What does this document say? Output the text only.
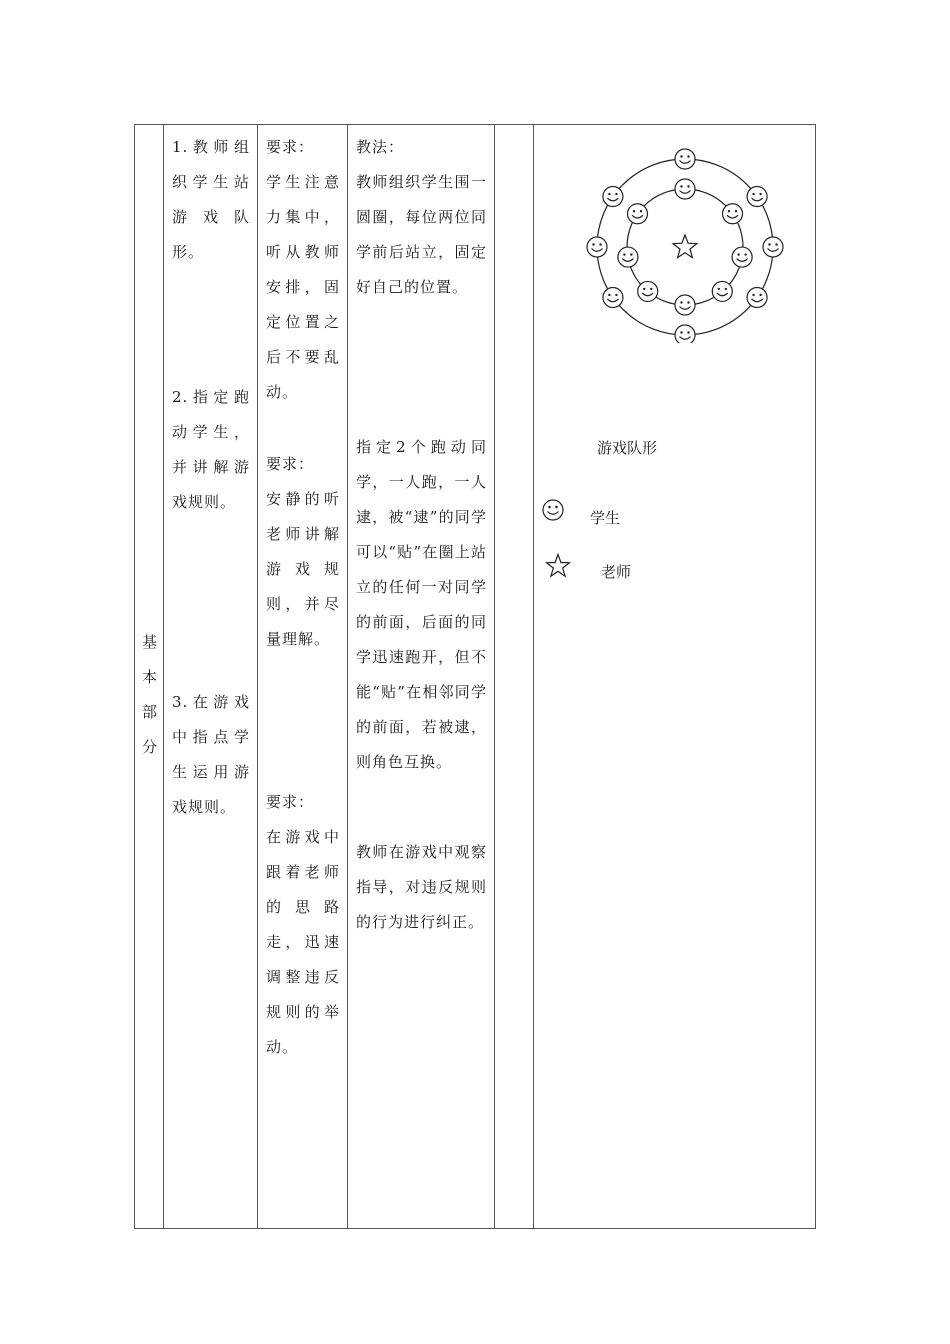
基
本
部
分
1.教师组织学生站游戏队形。
2.指定跑动学生，并讲解游戏规则。
3.在游戏中指点学生运用游戏规则。
要求：
学生注意力集中，听从教师安排，固定位置之后不要乱动。
要求：
安静的听老师讲解游戏规则，并尽量理解。
要求：
在游戏中跟着老师的思路走，迅速调整违反规则的举动。
教法：
教师组织学生围一圆圈，每位两位同学前后站立，固定好自己的位置。
指定2个跑动同学，一人跑，一人逮，被“逮”的同学可以“贴”在圈上站立的任何一对同学的前面，后面的同学迅速跑开，但不能“贴”在相邻同学的前面，若被逮，则角色互换。
教师在游戏中观察指导，对违反规则的行为进行纠正。
游戏队形
学生
老师
